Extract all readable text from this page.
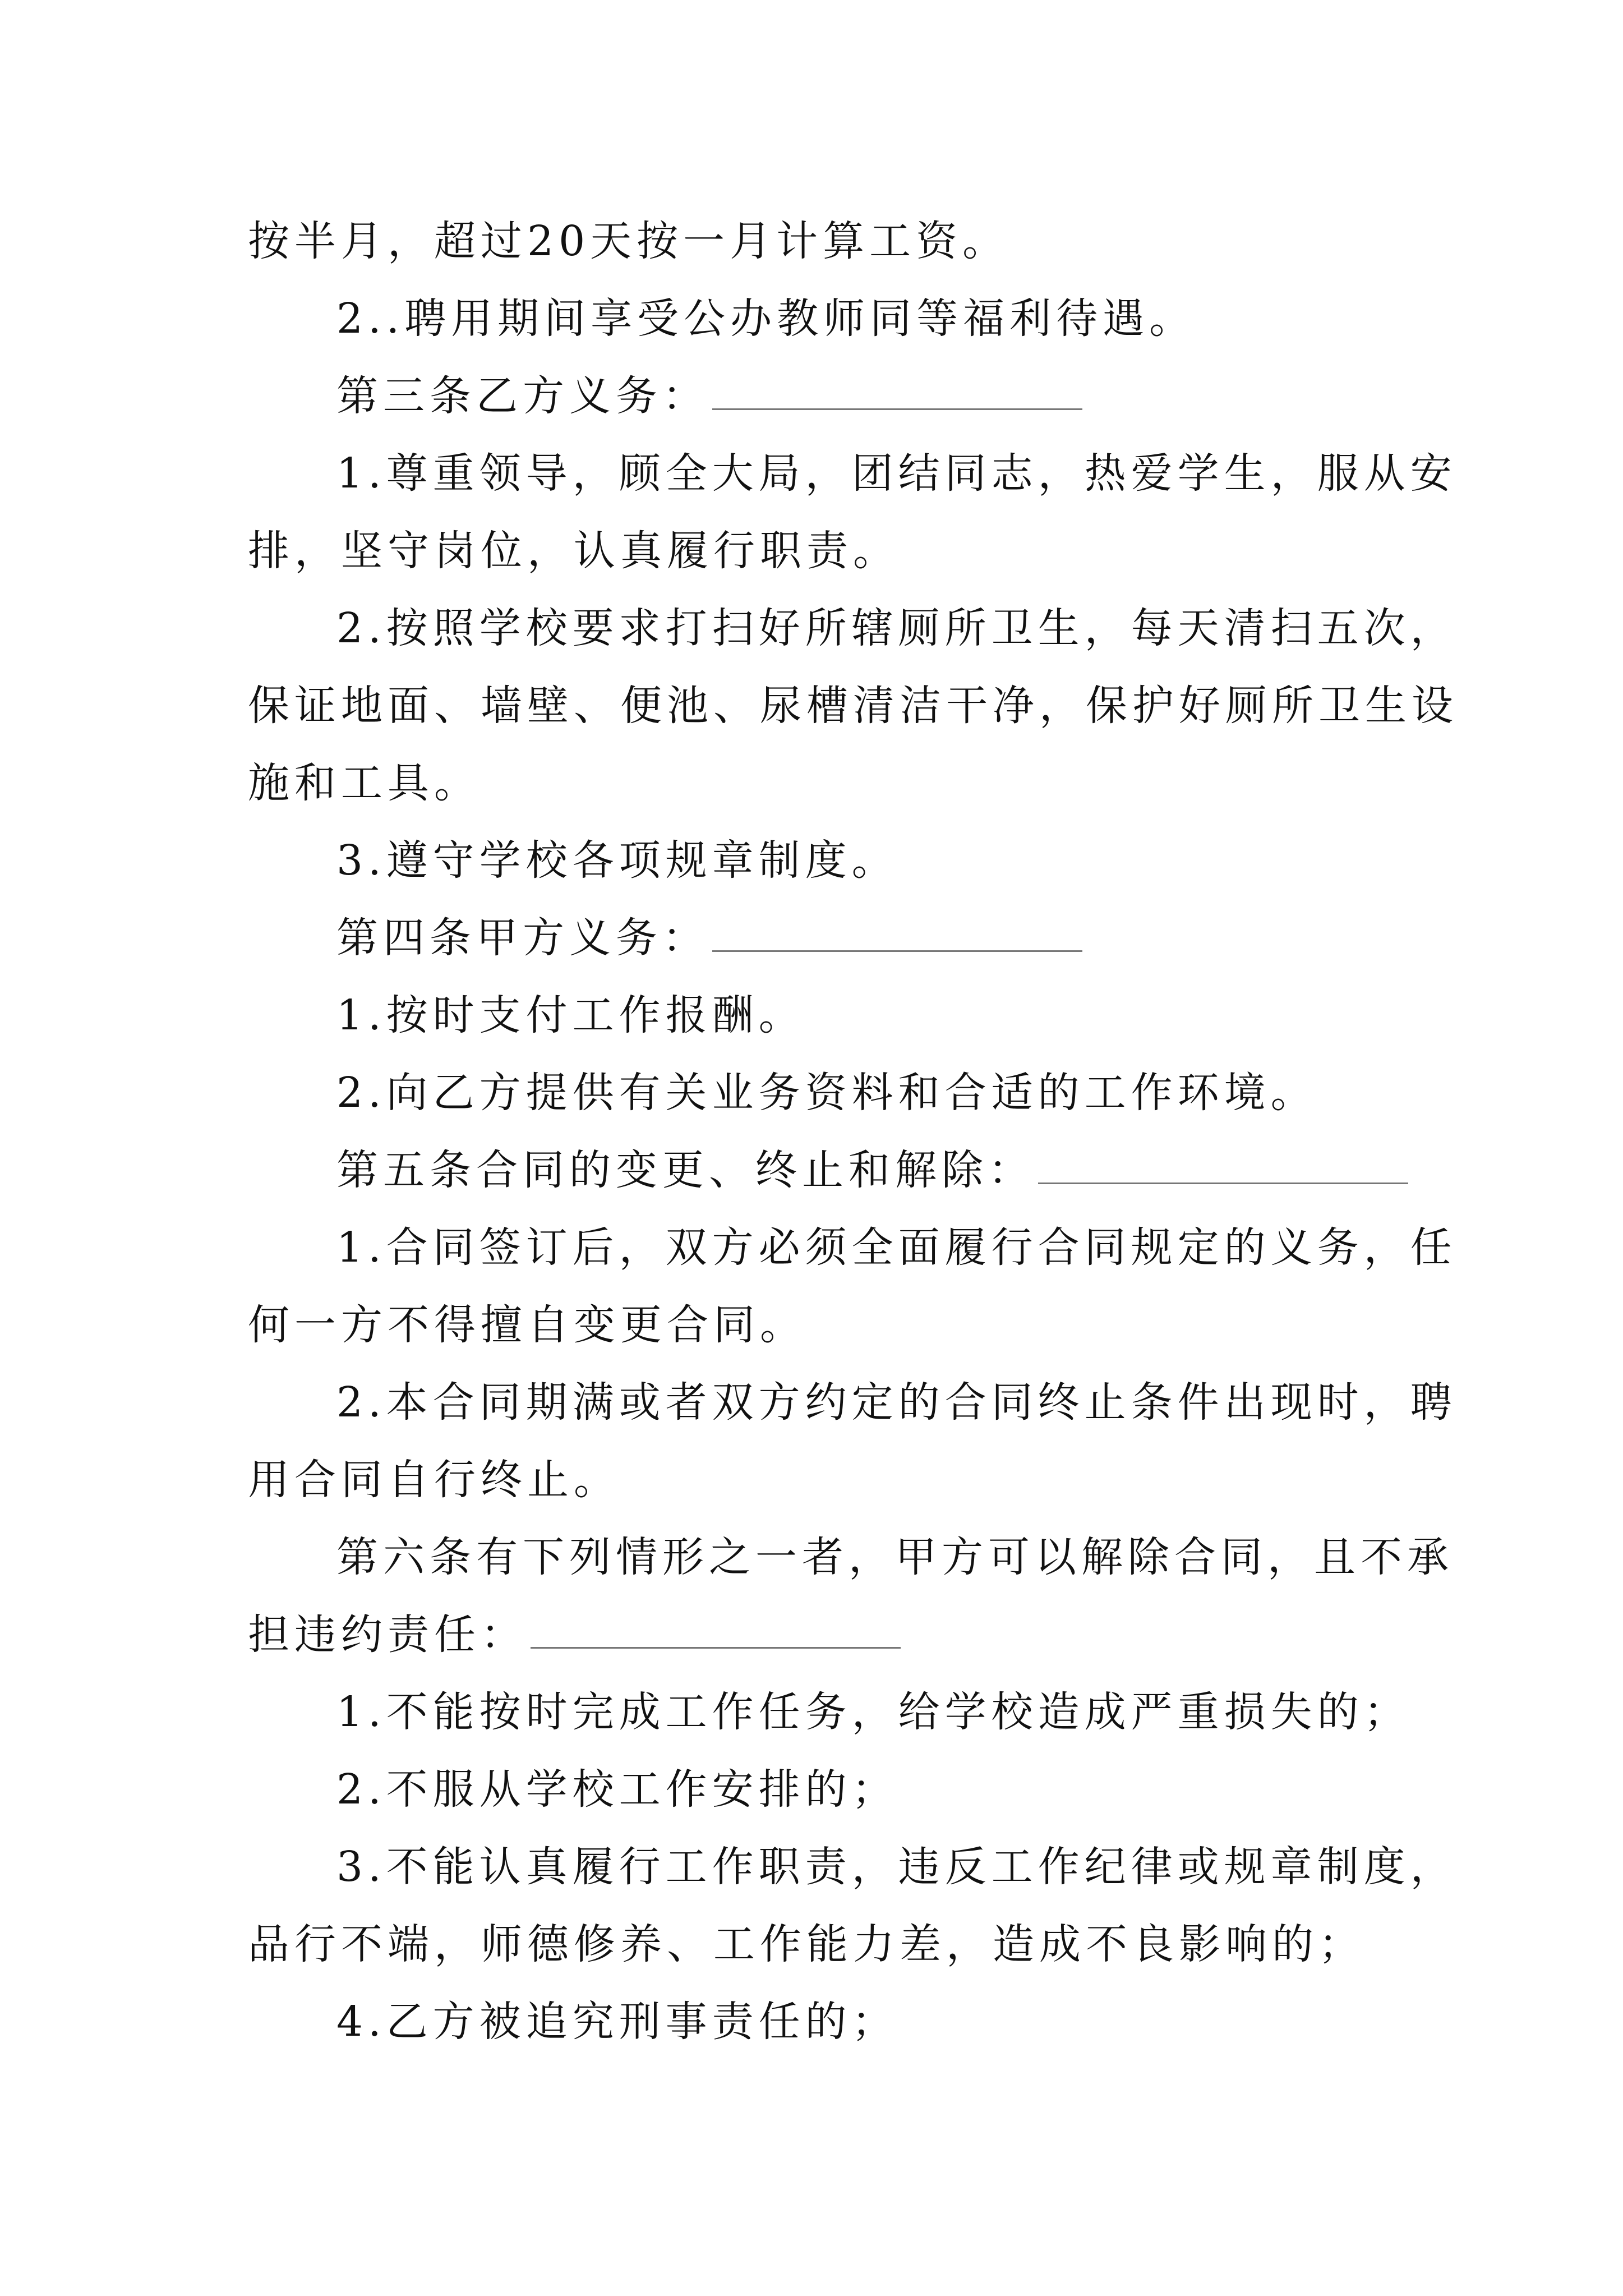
按半月，超过20天按一月计算工资。
2..聘用期间享受公办教师同等福利待遇。
第三条乙方义务：
1.尊重领导，顾全大局，团结同志，热爱学生，服从安
排，坚守岗位，认真履行职责。
2.按照学校要求打扫好所辖厕所卫生，每天清扫五次，
保证地面、墙壁、便池、尿槽清洁干净，保护好厕所卫生设
施和工具。
3.遵守学校各项规章制度。
第四条甲方义务：
1.按时支付工作报酬。
2.向乙方提供有关业务资料和合适的工作环境。
第五条合同的变更、终止和解除：
1.合同签订后，双方必须全面履行合同规定的义务，任
何一方不得擅自变更合同。
2.本合同期满或者双方约定的合同终止条件出现时，聘
用合同自行终止。
第六条有下列情形之一者，甲方可以解除合同，且不承
担违约责任：
1.不能按时完成工作任务，给学校造成严重损失的；
2.不服从学校工作安排的；
3.不能认真履行工作职责，违反工作纪律或规章制度，
品行不端，师德修养、工作能力差，造成不良影响的；
4.乙方被追究刑事责任的；
